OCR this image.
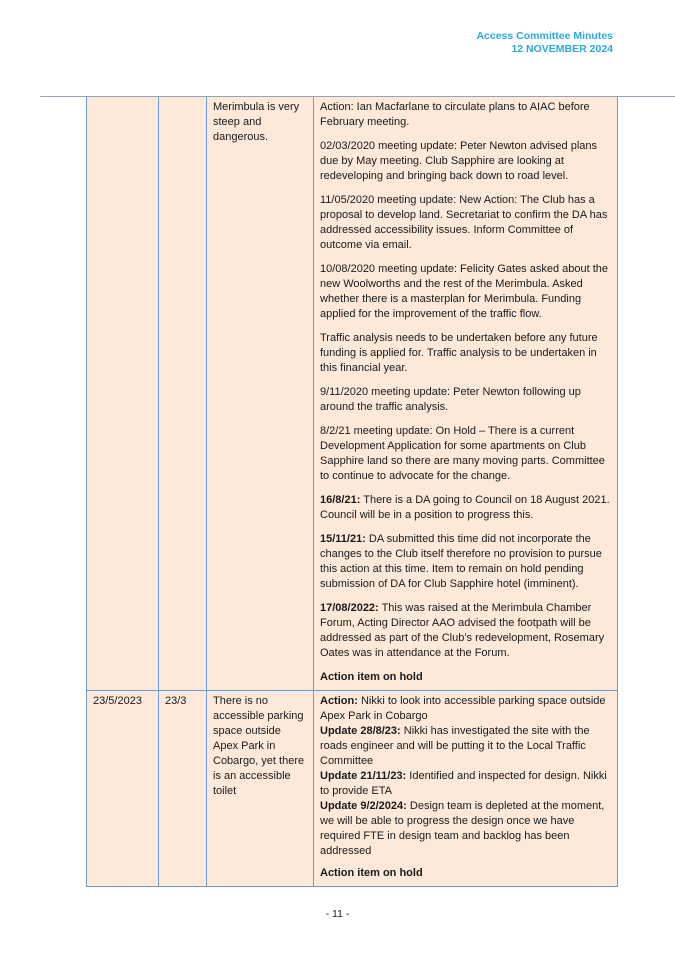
Access Committee Minutes
12 NOVEMBER 2024
Merimbula is very steep and dangerous.

Action: Ian Macfarlane to circulate plans to AIAC before February meeting.

02/03/2020 meeting update: Peter Newton advised plans due by May meeting. Club Sapphire are looking at redeveloping and bringing back down to road level.

11/05/2020 meeting update: New Action: The Club has a proposal to develop land. Secretariat to confirm the DA has addressed accessibility issues. Inform Committee of outcome via email.

10/08/2020 meeting update: Felicity Gates asked about the new Woolworths and the rest of the Merimbula. Asked whether there is a masterplan for Merimbula. Funding applied for the improvement of the traffic flow.

Traffic analysis needs to be undertaken before any future funding is applied for. Traffic analysis to be undertaken in this financial year.

9/11/2020 meeting update: Peter Newton following up around the traffic analysis.

8/2/21 meeting update: On Hold – There is a current Development Application for some apartments on Club Sapphire land so there are many moving parts. Committee to continue to advocate for the change.

16/8/21: There is a DA going to Council on 18 August 2021. Council will be in a position to progress this.

15/11/21: DA submitted this time did not incorporate the changes to the Club itself therefore no provision to pursue this action at this time. Item to remain on hold pending submission of DA for Club Sapphire hotel (imminent).

17/08/2022: This was raised at the Merimbula Chamber Forum, Acting Director AAO advised the footpath will be addressed as part of the Club’s redevelopment, Rosemary Oates was in attendance at the Forum.

Action item on hold

23/5/2023	23/3	There is no accessible parking space outside Apex Park in Cobargo, yet there is an accessible toilet

Action: Nikki to look into accessible parking space outside Apex Park in Cobargo

Update 28/8/23: Nikki has investigated the site with the roads engineer and will be putting it to the Local Traffic Committee

Update 21/11/23: Identified and inspected for design. Nikki to provide ETA

Update 9/2/2024: Design team is depleted at the moment, we will be able to progress the design once we have required FTE in design team and backlog has been addressed

Action item on hold

- 11 -
